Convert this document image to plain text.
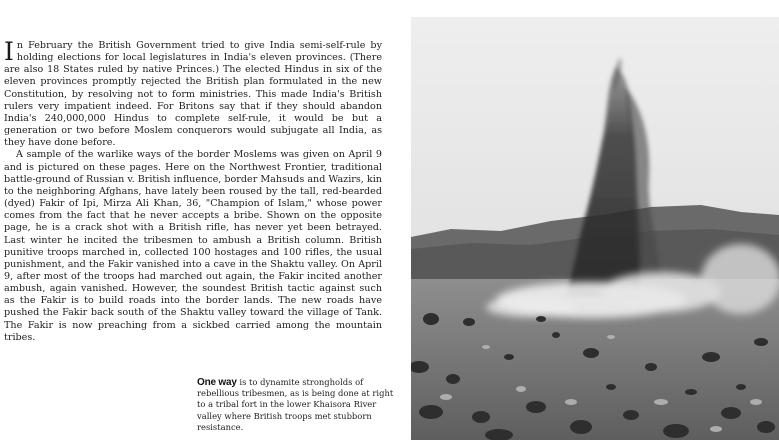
In February the British Government tried to give India semi-self-rule by holding elections for local legislatures in India's eleven provinces. (There are also 18 States ruled by native Princes.) The elected Hindus in six of the eleven provinces promptly rejected the British plan formulated in the new Constitution, by resolving not to form ministries. This made India's British rulers very impatient indeed. For Britons say that if they should abandon India's 240,000,000 Hindus to complete self-rule, it would be but a generation or two before Moslem conquerors would subjugate all India, as they have done before.

A sample of the warlike ways of the border Moslems was given on April 9 and is pictured on these pages. Here on the Northwest Frontier, traditional battle-ground of Russian v. British influence, border Mahsuds and Wazirs, kin to the neighboring Afghans, have lately been roused by the tall, red-bearded (dyed) Fakir of Ipi, Mirza Ali Khan, 36, "Champion of Islam," whose power comes from the fact that he never accepts a bribe. Shown on the opposite page, he is a crack shot with a British rifle, has never yet been betrayed. Last winter he incited the tribesmen to ambush a British column. British punitive troops marched in, collected 100 hostages and 100 rifles, the usual punishment, and the Fakir vanished into a cave in the Shaktu valley. On April 9, after most of the troops had marched out again, the Fakir incited another ambush, again vanished. However, the soundest British tactic against such as the Fakir is to build roads into the border lands. The new roads have pushed the Fakir back south of the Shaktu valley toward the village of Tank. The Fakir is now preaching from a sickbed carried among the mountain tribes.

One way is to dynamite strongholds of rebellious tribesmen, as is being done at right to a tribal fort in the lower Khaisora River valley where British troops met stubborn resistance.
